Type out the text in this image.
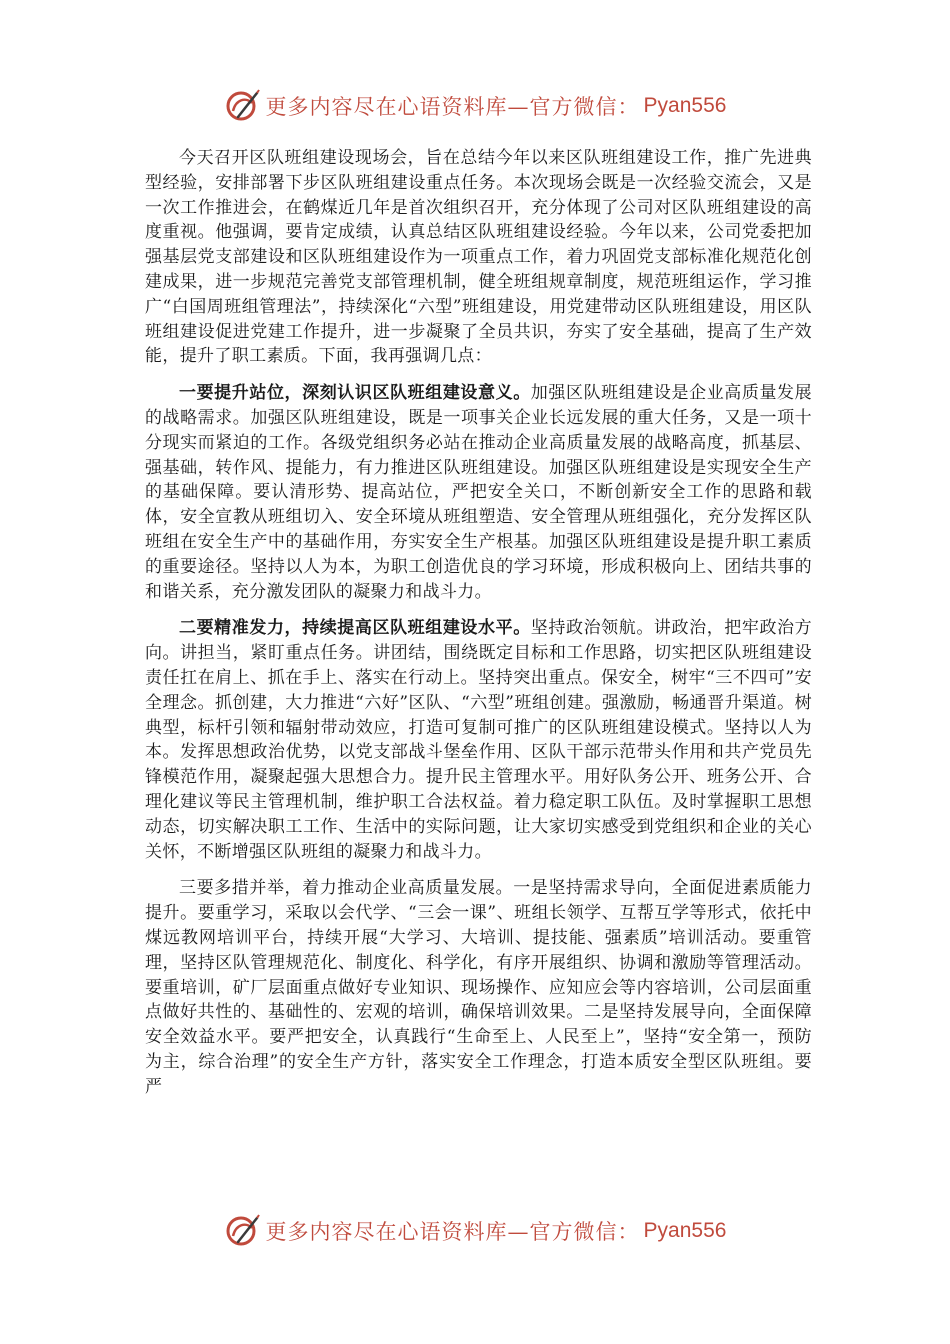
更多内容尽在心语资料库—官方微信： Pyan556

今天召开区队班组建设现场会，旨在总结今年以来区队班组建设工作，推广先进典型经验，安排部署下步区队班组建设重点任务。本次现场会既是一次经验交流会，又是一次工作推进会，在鹤煤近几年是首次组织召开，充分体现了公司对区队班组建设的高度重视。他强调，要肯定成绩，认真总结区队班组建设经验。今年以来，公司党委把加强基层党支部建设和区队班组建设作为一项重点工作，着力巩固党支部标准化规范化创建成果，进一步规范完善党支部管理机制，健全班组规章制度，规范班组运作，学习推广“白国周班组管理法”，持续深化“六型”班组建设，用党建带动区队班组建设，用区队班组建设促进党建工作提升，进一步凝聚了全员共识，夯实了安全基础，提高了生产效能，提升了职工素质。下面，我再强调几点：

一要提升站位，深刻认识区队班组建设意义。加强区队班组建设是企业高质量发展的战略需求。加强区队班组建设，既是一项事关企业长远发展的重大任务，又是一项十分现实而紧迫的工作。各级党组织务必站在推动企业高质量发展的战略高度，抓基层、强基础，转作风、提能力，有力推进区队班组建设。加强区队班组建设是实现安全生产的基础保障。要认清形势、提高站位，严把安全关口，不断创新安全工作的思路和载体，安全宣教从班组切入、安全环境从班组塑造、安全管理从班组强化，充分发挥区队班组在安全生产中的基础作用，夯实安全生产根基。加强区队班组建设是提升职工素质的重要途径。坚持以人为本，为职工创造优良的学习环境，形成积极向上、团结共事的和谐关系，充分激发团队的凝聚力和战斗力。

二要精准发力，持续提高区队班组建设水平。坚持政治领航。讲政治，把牢政治方向。讲担当，紧盯重点任务。讲团结，围绕既定目标和工作思路，切实把区队班组建设责任扛在肩上、抓在手上、落实在行动上。坚持突出重点。保安全，树牢“三不四可”安全理念。抓创建，大力推进“六好”区队、“六型”班组创建。强激励，畅通晋升渠道。树典型，标杆引领和辐射带动效应，打造可复制可推广的区队班组建设模式。坚持以人为本。发挥思想政治优势，以党支部战斗堡垒作用、区队干部示范带头作用和共产党员先锋模范作用，凝聚起强大思想合力。提升民主管理水平。用好队务公开、班务公开、合理化建议等民主管理机制，维护职工合法权益。着力稳定职工队伍。及时掌握职工思想动态，切实解决职工工作、生活中的实际问题，让大家切实感受到党组织和企业的关心关怀，不断增强区队班组的凝聚力和战斗力。

三要多措并举，着力推动企业高质量发展。一是坚持需求导向，全面促进素质能力提升。要重学习，采取以会代学、“三会一课”、班组长领学、互帮互学等形式，依托中煤远教网培训平台，持续开展“大学习、大培训、提技能、强素质”培训活动。要重管理，坚持区队管理规范化、制度化、科学化，有序开展组织、协调和激励等管理活动。要重培训，矿厂层面重点做好专业知识、现场操作、应知应会等内容培训，公司层面重点做好共性的、基础性的、宏观的培训，确保培训效果。二是坚持发展导向，全面保障安全效益水平。要严把安全，认真践行“生命至上、人民至上”，坚持“安全第一，预防为主，综合治理”的安全生产方针，落实安全工作理念，打造本质安全型区队班组。要严

更多内容尽在心语资料库—官方微信： Pyan556
